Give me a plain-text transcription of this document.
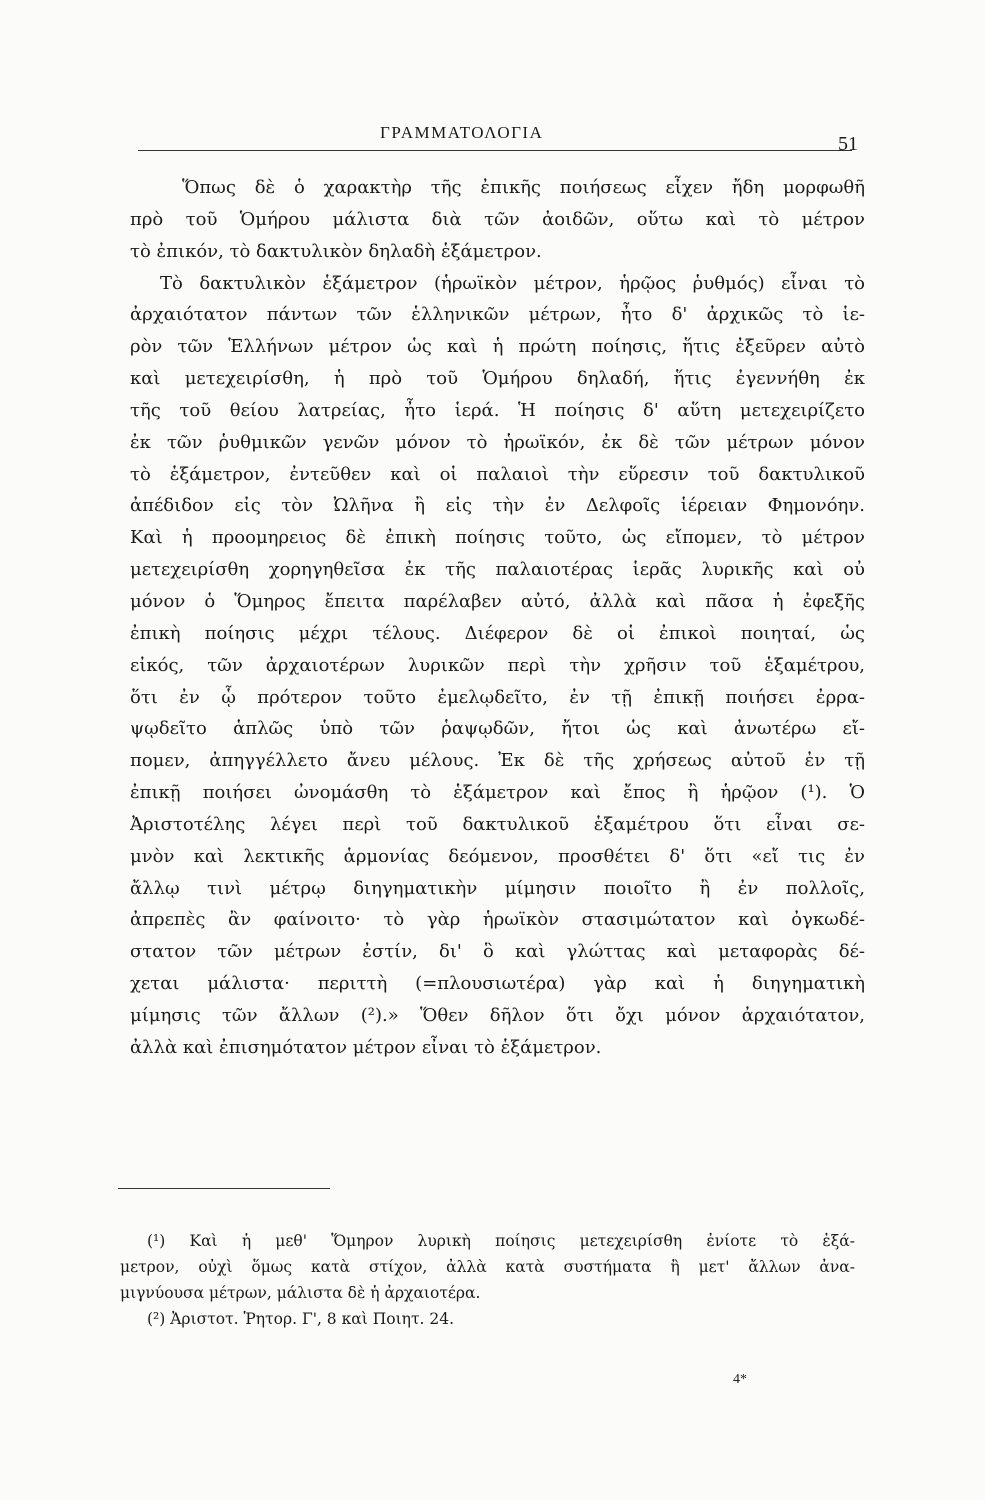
ΓΡΑΜΜΑΤΟΛΟΓΙΑ
51
Ὅπως δὲ ὁ χαρακτὴρ τῆς ἐπικῆς ποιήσεως εἶχεν ἤδη μορφωθῆ
πρὸ τοῦ Ὁμήρου μάλιστα διὰ τῶν ἀοιδῶν, οὕτω καὶ τὸ μέτρον
τὸ ἐπικόν, τὸ δακτυλικὸν δηλαδὴ ἑξάμετρον.
Τὸ δακτυλικὸν ἑξάμετρον (ἡρωϊκὸν μέτρον, ἡρῷος ῥυθμός) εἶναι τὸ
ἀρχαιότατον πάντων τῶν ἑλληνικῶν μέτρων, ἦτο δ' ἀρχικῶς τὸ ἱε-
ρὸν τῶν Ἑλλήνων μέτρον ὡς καὶ ἡ πρώτη ποίησις, ἥτις ἐξεῦρεν αὐτὸ
καὶ μετεχειρίσθη, ἡ πρὸ τοῦ Ὁμήρου δηλαδή, ἥτις ἐγεννήθη ἐκ
τῆς τοῦ θείου λατρείας, ἦτο ἱερά. Ἡ ποίησις δ' αὕτη μετεχειρίζετο
ἐκ τῶν ῥυθμικῶν γενῶν μόνον τὸ ἡρωϊκόν, ἐκ δὲ τῶν μέτρων μόνον
τὸ ἑξάμετρον, ἐντεῦθεν καὶ οἱ παλαιοὶ τὴν εὕρεσιν τοῦ δακτυλικοῦ
ἀπέδιδον εἰς τὸν Ὠλῆνα ἢ εἰς τὴν ἐν Δελφοῖς ἱέρειαν Φημονόην.
Καὶ ἡ προομηρειος δὲ ἐπικὴ ποίησις τοῦτο, ὡς εἴπομεν, τὸ μέτρον
μετεχειρίσθη χορηγηθεῖσα ἐκ τῆς παλαιοτέρας ἱερᾶς λυρικῆς καὶ οὐ
μόνον ὁ Ὅμηρος ἔπειτα παρέλαβεν αὐτό, ἀλλὰ καὶ πᾶσα ἡ ἐφεξῆς
ἐπικὴ ποίησις μέχρι τέλους. Διέφερον δὲ οἱ ἐπικοὶ ποιηταί, ὡς
εἰκός, τῶν ἀρχαιοτέρων λυρικῶν περὶ τὴν χρῆσιν τοῦ ἑξαμέτρου,
ὅτι ἐν ᾧ πρότερον τοῦτο ἐμελῳδεῖτο, ἐν τῇ ἐπικῇ ποιήσει ἐρρα-
ψῳδεῖτο ἁπλῶς ὑπὸ τῶν ῥαψῳδῶν, ἤτοι ὡς καὶ ἀνωτέρω εἴ-
πομεν, ἀπηγγέλλετο ἄνευ μέλους. Ἐκ δὲ τῆς χρήσεως αὐτοῦ ἐν τῇ
ἐπικῇ ποιήσει ὠνομάσθη τὸ ἑξάμετρον καὶ ἔπος ἢ ἡρῷον (¹). Ὁ
Ἀριστοτέλης λέγει περὶ τοῦ δακτυλικοῦ ἑξαμέτρου ὅτι εἶναι σε-
μνὸν καὶ λεκτικῆς ἁρμονίας δεόμενον, προσθέτει δ' ὅτι «εἴ τις ἐν
ἄλλῳ τινὶ μέτρῳ διηγηματικὴν μίμησιν ποιοῖτο ἢ ἐν πολλοῖς,
ἀπρεπὲς ἂν φαίνοιτο· τὸ γὰρ ἡρωϊκὸν στασιμώτατον καὶ ὀγκωδέ-
στατον τῶν μέτρων ἐστίν, δι' ὃ καὶ γλώττας καὶ μεταφορὰς δέ-
χεται μάλιστα· περιττὴ (=πλουσιωτέρα) γὰρ καὶ ἡ διηγηματικὴ
μίμησις τῶν ἄλλων (²).» Ὅθεν δῆλον ὅτι ὄχι μόνον ἀρχαιότατον,
ἀλλὰ καὶ ἐπισημότατον μέτρον εἶναι τὸ ἑξάμετρον.
(¹) Καὶ ἡ μεθ' Ὅμηρον λυρικὴ ποίησις μετεχειρίσθη ἐνίοτε τὸ ἑξά-
μετρον, οὐχὶ ὅμως κατὰ στίχον, ἀλλὰ κατὰ συστήματα ἢ μετ' ἄλλων ἀνα-
μιγνύουσα μέτρων, μάλιστα δὲ ἡ ἀρχαιοτέρα.
(²) Ἀριστοτ. Ῥητορ. Γ', 8 καὶ Ποιητ. 24.
4*
